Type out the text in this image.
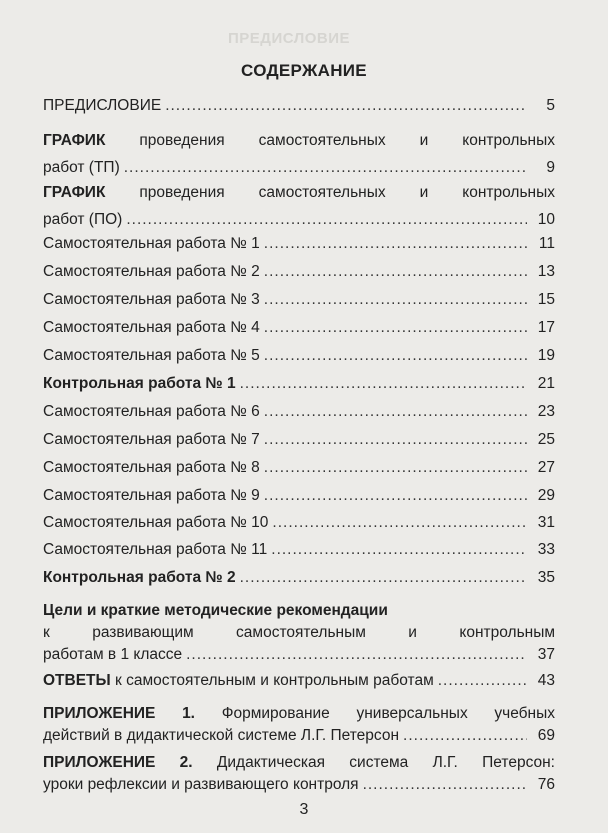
ПРЕДИСЛОВИЕ
СОДЕРЖАНИЕ
ПРЕДИСЛОВИЕ .....	5
ГРАФИК проведения самостоятельных и контрольных
работ (ТП) .....	9
ГРАФИК проведения самостоятельных и контрольных
работ (ПО) .....	10
Самостоятельная работа № 1 .....	11
Самостоятельная работа № 2 .....	13
Самостоятельная работа № 3 .....	15
Самостоятельная работа № 4 .....	17
Самостоятельная работа № 5 .....	19
Контрольная работа № 1 .....	21
Самостоятельная работа № 6 .....	23
Самостоятельная работа № 7 .....	25
Самостоятельная работа № 8 .....	27
Самостоятельная работа № 9 .....	29
Самостоятельная работа № 10 .....	31
Самостоятельная работа № 11 .....	33
Контрольная работа № 2 .....	35
Цели и краткие методические рекомендации
к развивающим самостоятельным и контрольным
работам в 1 классе .....	37
ОТВЕТЫ к самостоятельным и контрольным работам .....	43
ПРИЛОЖЕНИЕ 1. Формирование универсальных учебных
действий в дидактической системе Л.Г. Петерсон .....	69
ПРИЛОЖЕНИЕ 2. Дидактическая система Л.Г. Петерсон:
уроки рефлексии и развивающего контроля .....	76
3
